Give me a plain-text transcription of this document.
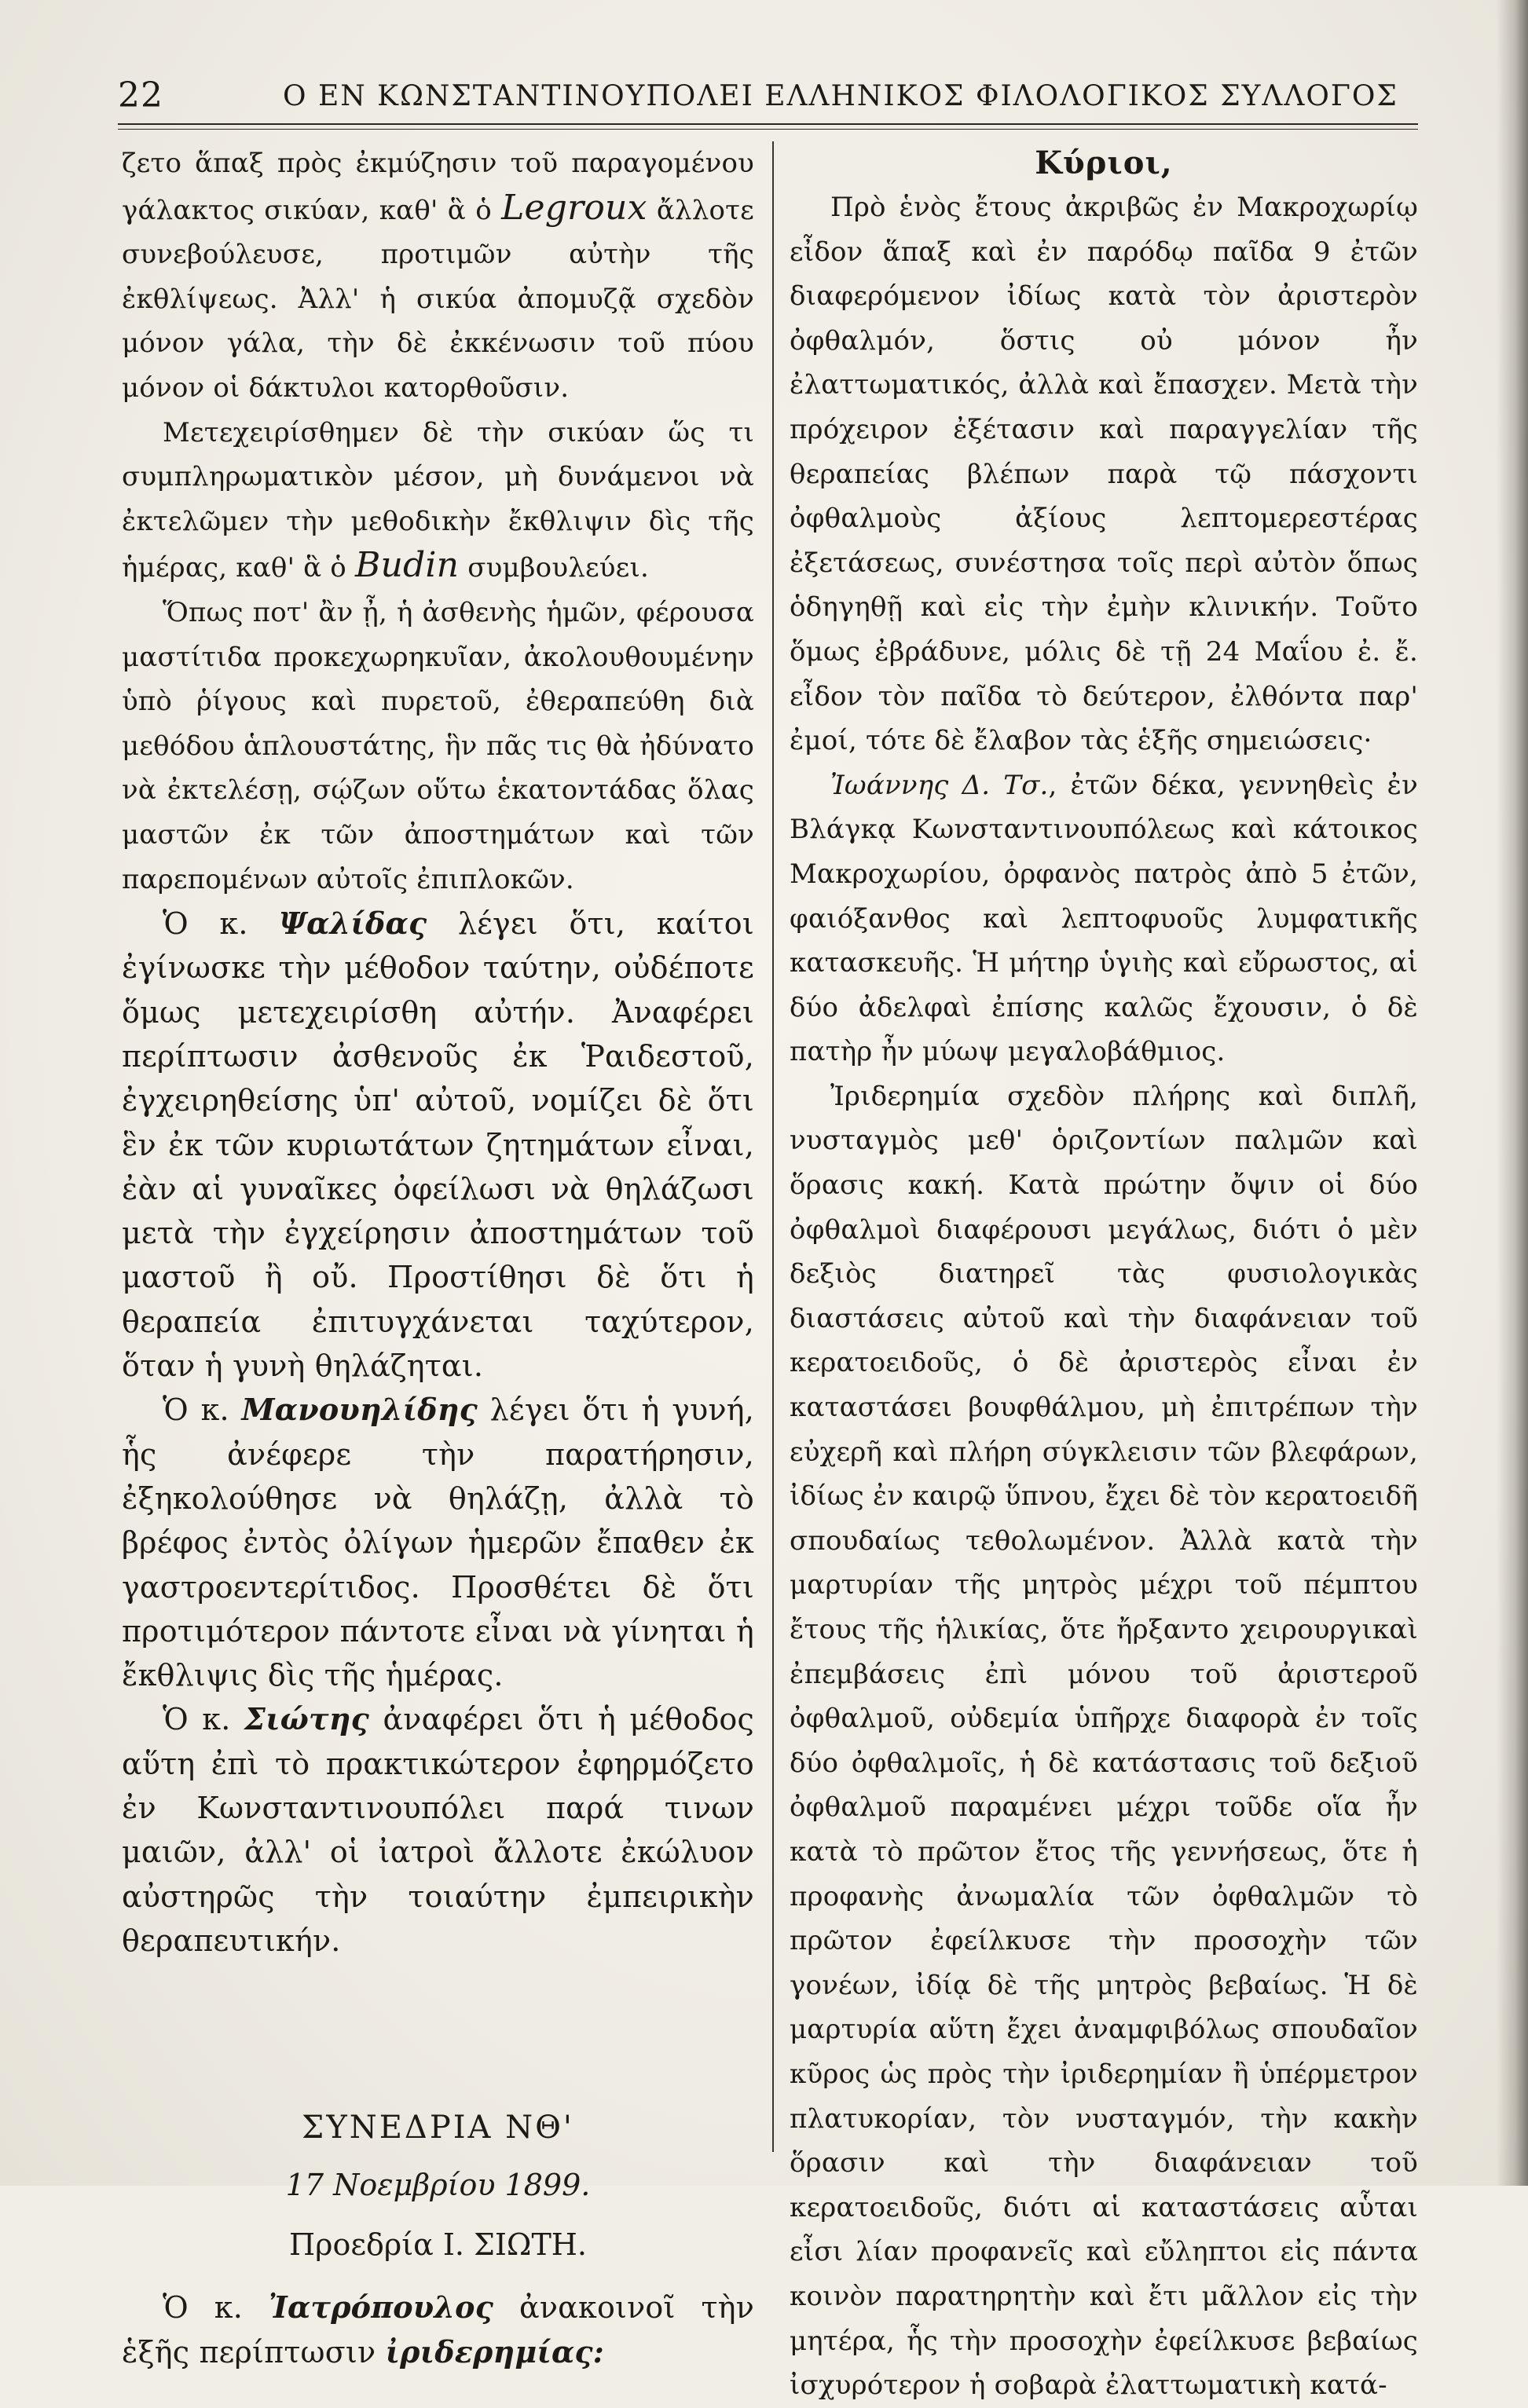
22	Ο ΕΝ ΚΩΝΣΤΑΝΤΙΝΟΥΠΟΛΕΙ ΕΛΛΗΝΙΚΟΣ ΦΙΛΟΛΟΓΙΚΟΣ ΣΥΛΛΟΓΟΣ

ζετο ἅπαξ πρὸς ἐκμύζησιν τοῦ παραγομένου γάλακτος σικύαν, καθ' ἃ ὁ Legroux ἄλλοτε συνεβούλευσε, προτιμῶν αὐτὴν τῆς ἐκθλίψεως. Ἀλλ' ἡ σικύα ἀπομυζᾷ σχεδὸν μόνον γάλα, τὴν δὲ ἐκκένωσιν τοῦ πύου μόνον οἱ δάκτυλοι κατορθοῦσιν.

Μετεχειρίσθημεν δὲ τὴν σικύαν ὥς τι συμπληρωματικὸν μέσον, μὴ δυνάμενοι νὰ ἐκτελῶμεν τὴν μεθοδικὴν ἔκθλιψιν δὶς τῆς ἡμέρας, καθ' ἃ ὁ Budin συμβουλεύει.

Ὅπως ποτ' ἂν ᾖ, ἡ ἀσθενὴς ἡμῶν, φέρουσα μαστίτιδα προκεχωρηκυῖαν, ἀκολουθουμένην ὑπὸ ῥίγους καὶ πυρετοῦ, ἐθεραπεύθη διὰ μεθόδου ἁπλουστάτης, ἣν πᾶς τις θὰ ἠδύνατο νὰ ἐκτελέσῃ, σῴζων οὕτω ἑκατοντάδας ὅλας μαστῶν ἐκ τῶν ἀποστημάτων καὶ τῶν παρεπομένων αὐτοῖς ἐπιπλοκῶν.

Ὁ κ. Ψαλίδας λέγει ὅτι, καίτοι ἐγίνωσκε τὴν μέθοδον ταύτην, οὐδέποτε ὅμως μετεχειρίσθη αὐτήν. Ἀναφέρει περίπτωσιν ἀσθενοῦς ἐκ Ῥαιδεστοῦ, ἐγχειρηθείσης ὑπ' αὐτοῦ, νομίζει δὲ ὅτι ἓν ἐκ τῶν κυριωτάτων ζητημάτων εἶναι, ἐὰν αἱ γυναῖκες ὀφείλωσι νὰ θηλάζωσι μετὰ τὴν ἐγχείρησιν ἀποστημάτων τοῦ μαστοῦ ἢ οὔ. Προστίθησι δὲ ὅτι ἡ θεραπεία ἐπιτυγχάνεται ταχύτερον, ὅταν ἡ γυνὴ θηλάζηται.

Ὁ κ. Μανουηλίδης λέγει ὅτι ἡ γυνή, ἧς ἀνέφερε τὴν παρατήρησιν, ἐξηκολούθησε νὰ θηλάζῃ, ἀλλὰ τὸ βρέφος ἐντὸς ὀλίγων ἡμερῶν ἔπαθεν ἐκ γαστροεντερίτιδος. Προσθέτει δὲ ὅτι προτιμότερον πάντοτε εἶναι νὰ γίνηται ἡ ἔκθλιψις δὶς τῆς ἡμέρας.

Ὁ κ. Σιώτης ἀναφέρει ὅτι ἡ μέθοδος αὕτη ἐπὶ τὸ πρακτικώτερον ἐφηρμόζετο ἐν Κωνσταντινουπόλει παρά τινων μαιῶν, ἀλλ' οἱ ἰατροὶ ἄλλοτε ἐκώλυον αὐστηρῶς τὴν τοιαύτην ἐμπειρικὴν θεραπευτικήν.

ΣΥΝΕΔΡΙΑ ΝΘ'

17 Νοεμβρίου 1899.

Προεδρία Ι. ΣΙΩΤΗ.

Ὁ κ. Ἰατρόπουλος ἀνακοινοῖ τὴν ἑξῆς περίπτωσιν ἰριδερημίας:

Κύριοι,

Πρὸ ἑνὸς ἔτους ἀκριβῶς ἐν Μακροχωρίῳ εἶδον ἅπαξ καὶ ἐν παρόδῳ παῖδα 9 ἐτῶν διαφερόμενον ἰδίως κατὰ τὸν ἀριστερὸν ὀφθαλμόν, ὅστις οὐ μόνον ἦν ἐλαττωματικός, ἀλλὰ καὶ ἔπασχεν. Μετὰ τὴν πρόχειρον ἐξέτασιν καὶ παραγγελίαν τῆς θεραπείας βλέπων παρὰ τῷ πάσχοντι ὀφθαλμοὺς ἀξίους λεπτομερεστέρας ἐξετάσεως, συνέστησα τοῖς περὶ αὐτὸν ὅπως ὁδηγηθῇ καὶ εἰς τὴν ἐμὴν κλινικήν. Τοῦτο ὅμως ἐβράδυνε, μόλις δὲ τῇ 24 Μαΐου ἐ. ἔ. εἶδον τὸν παῖδα τὸ δεύτερον, ἐλθόντα παρ' ἐμοί, τότε δὲ ἔλαβον τὰς ἑξῆς σημειώσεις·

Ἰωάννης Δ. Τσ., ἐτῶν δέκα, γεννηθεὶς ἐν Βλάγκᾳ Κωνσταντινουπόλεως καὶ κάτοικος Μακροχωρίου, ὀρφανὸς πατρὸς ἀπὸ 5 ἐτῶν, φαιόξανθος καὶ λεπτοφυοῦς λυμφατικῆς κατασκευῆς. Ἡ μήτηρ ὑγιὴς καὶ εὔρωστος, αἱ δύο ἀδελφαὶ ἐπίσης καλῶς ἔχουσιν, ὁ δὲ πατὴρ ἦν μύωψ μεγαλοβάθμιος.

Ἰριδερημία σχεδὸν πλήρης καὶ διπλῆ, νυσταγμὸς μεθ' ὁριζοντίων παλμῶν καὶ ὅρασις κακή. Κατὰ πρώτην ὄψιν οἱ δύο ὀφθαλμοὶ διαφέρουσι μεγάλως, διότι ὁ μὲν δεξιὸς διατηρεῖ τὰς φυσιολογικὰς διαστάσεις αὐτοῦ καὶ τὴν διαφάνειαν τοῦ κερατοειδοῦς, ὁ δὲ ἀριστερὸς εἶναι ἐν καταστάσει βουφθάλμου, μὴ ἐπιτρέπων τὴν εὐχερῆ καὶ πλήρη σύγκλεισιν τῶν βλεφάρων, ἰδίως ἐν καιρῷ ὕπνου, ἔχει δὲ τὸν κερατοειδῆ σπουδαίως τεθολωμένον. Ἀλλὰ κατὰ τὴν μαρτυρίαν τῆς μητρὸς μέχρι τοῦ πέμπτου ἔτους τῆς ἡλικίας, ὅτε ἤρξαντο χειρουργικαὶ ἐπεμβάσεις ἐπὶ μόνου τοῦ ἀριστεροῦ ὀφθαλμοῦ, οὐδεμία ὑπῆρχε διαφορὰ ἐν τοῖς δύο ὀφθαλμοῖς, ἡ δὲ κατάστασις τοῦ δεξιοῦ ὀφθαλμοῦ παραμένει μέχρι τοῦδε οἵα ἦν κατὰ τὸ πρῶτον ἔτος τῆς γεννήσεως, ὅτε ἡ προφανὴς ἀνωμαλία τῶν ὀφθαλμῶν τὸ πρῶτον ἐφείλκυσε τὴν προσοχὴν τῶν γονέων, ἰδίᾳ δὲ τῆς μητρὸς βεβαίως. Ἡ δὲ μαρτυρία αὕτη ἔχει ἀναμφιβόλως σπουδαῖον κῦρος ὡς πρὸς τὴν ἰριδερημίαν ἢ ὑπέρμετρον πλατυκορίαν, τὸν νυσταγμόν, τὴν κακὴν ὅρασιν καὶ τὴν διαφάνειαν τοῦ κερατοειδοῦς, διότι αἱ καταστάσεις αὗται εἶσι λίαν προφανεῖς καὶ εὔληπτοι εἰς πάντα κοινὸν παρατηρητὴν καὶ ἔτι μᾶλλον εἰς τὴν μητέρα, ἧς τὴν προσοχὴν ἐφείλκυσε βεβαίως ἰσχυρότερον ἡ σοβαρὰ ἐλαττωματικὴ κατά-
